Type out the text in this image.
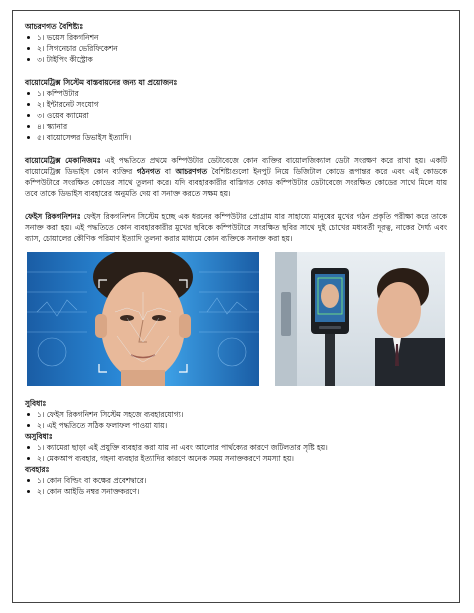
আচরণগত বৈশিষ্ট্যঃ
১। ভয়েস রিকগনিশন
২। সিগনেচার ভেরিফিকেশন
৩। টাইপিং কীস্ট্রোক
বায়োমেট্রিক্স সিস্টেম বাস্তবায়নের জন্য যা প্রয়োজনঃ
১। কম্পিউটার
২। ইন্টারনেট সংযোগ
৩। ওয়েব ক্যামেরা
৪। স্ক্যানার
৫। বায়োসেন্সর ডিভাইস ইত্যাদি।

বায়োমেট্রিক্স মেকানিজমঃ এই পদ্ধতিতে প্রথমে কম্পিউটার ডেটাবেজে কোন ব্যক্তির বায়োলজিক্যাল ডেটা সংরক্ষণ করে রাখা হয়। একটি বায়োমেট্রিক্স ডিভাইস কোন ব্যক্তির গঠনগত বা আচরণগত বৈশিষ্ট্যগুলো ইনপুট নিয়ে ডিজিটাল কোডে রূপান্তর করে এবং এই কোডকে কম্পিউটারে সংরক্ষিত কোডের সাথে তুলনা করে। যদি ব্যবহারকারীর বাস্তিগত কোড কম্পিউটার ডেটাবেজে সংরক্ষিত কোডের সাথে মিলে যায় তবে তাকে ডিভাইস ব্যবহারের অনুমতি দেয় বা সনাক্ত করতে সক্ষম হয়।

ফেইস রিকগনিশনঃ ফেইস রিকগনিশন সিস্টেম হচ্ছে এক ধরনের কম্পিউটার প্রোগ্রাম যার সাহায্যে মানুষের মুখের গঠন প্রকৃতি পরীক্ষা করে তাকে সনাক্ত করা হয়। এই পদ্ধতিতে কোন ব্যবহারকারীর মুখের ছবিকে কম্পিউটারে সংরক্ষিত ছবির সাথে দুই চোখের মধ্যবর্তী দূরত্ব, নাকের দৈর্ঘ্য এবং ব্যাস, চোয়ালের কৌণিক পরিমাণ ইত্যাদি তুলনা করার মাধ্যমে কোন ব্যক্তিকে সনাক্ত করা হয়।

সুবিধাঃ
১। ফেইস রিকগনিশন সিস্টেম সহজে ব্যবহারযোগ্য।
২। এই পদ্ধতিতে সঠিক ফলাফল পাওয়া যায়।
অসুবিধাঃ
১। ক্যামেরা ছাড়া এই প্রযুক্তি ব্যবহার করা যায় না এবং আলোর পার্থক্যের কারণে জটিলতার সৃষ্টি হয়।
২। মেকআপ ব্যবহার, গহনা ব্যবহার ইত্যাদির কারণে অনেক সময় সনাক্তকরণে সমস্যা হয়।
ব্যবহারঃ
১। কোন বিল্ডিং বা কক্ষের প্রবেশদ্বারে।
২। কোন আইডি নম্বর সনাক্তকরণে।
